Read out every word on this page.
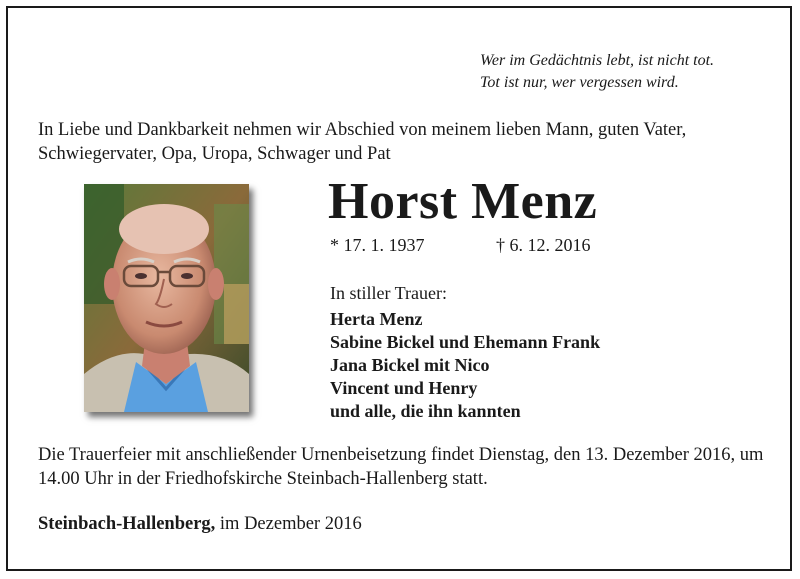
Wer im Gedächtnis lebt, ist nicht tot.
Tot ist nur, wer vergessen wird.
In Liebe und Dankbarkeit nehmen wir Abschied von meinem lieben Mann, guten Vater, Schwiegervater, Opa, Uropa, Schwager und Pat
Horst Menz
* 17. 1. 1937	† 6. 12. 2016
In stiller Trauer:
Herta Menz
Sabine Bickel und Ehemann Frank
Jana Bickel mit Nico
Vincent und Henry
und alle, die ihn kannten
Die Trauerfeier mit anschließender Urnenbeisetzung findet Dienstag, den 13. Dezember 2016, um 14.00 Uhr in der Friedhofskirche Steinbach-Hallenberg statt.
Steinbach-Hallenberg, im Dezember 2016
